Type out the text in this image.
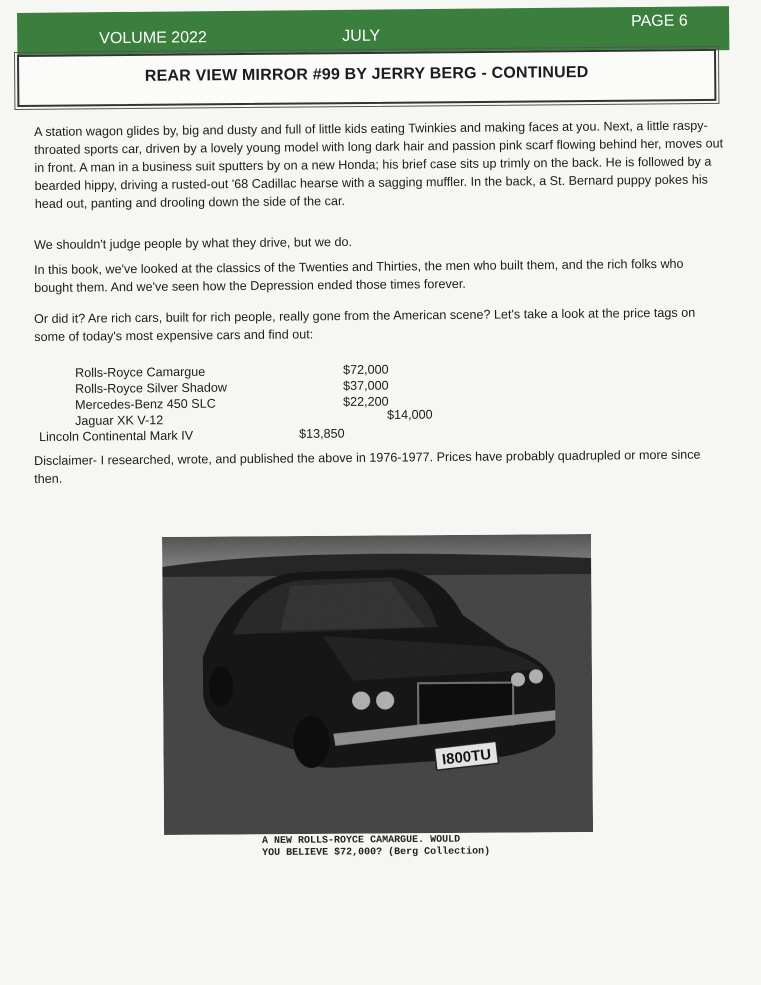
VOLUME 2022	JULY
PAGE 6
REAR VIEW MIRROR #99 BY JERRY BERG - CONTINUED

A station wagon glides by, big and dusty and full of little kids eating Twinkies and making faces at you. Next, a little raspy-throated sports car, driven by a lovely young model with long dark hair and passion pink scarf flowing behind her, moves out in front. A man in a business suit sputters by on a new Honda; his brief case sits up trimly on the back. He is followed by a bearded hippy, driving a rusted-out '68 Cadillac hearse with a sagging muffler. In the back, a St. Bernard puppy pokes his head out, panting and drooling down the side of the car.

We shouldn't judge people by what they drive, but we do.

In this book, we've looked at the classics of the Twenties and Thirties, the men who built them, and the rich folks who bought them. And we've seen how the Depression ended those times forever.

Or did it? Are rich cars, built for rich people, really gone from the American scene? Let's take a look at the price tags on some of today's most expensive cars and find out:

Rolls-Royce Camargue	$72,000
Rolls-Royce Silver Shadow	$37,000
Mercedes-Benz 450 SLC	$22,200
Jaguar XK V-12	$14,000
Lincoln Continental Mark IV	$13,850

Disclaimer- I researched, wrote, and published the above in 1976-1977. Prices have probably quadrupled or more since then.

I800TU
A NEW ROLLS-ROYCE CAMARGUE. WOULD
YOU BELIEVE $72,000? (Berg Collection)
